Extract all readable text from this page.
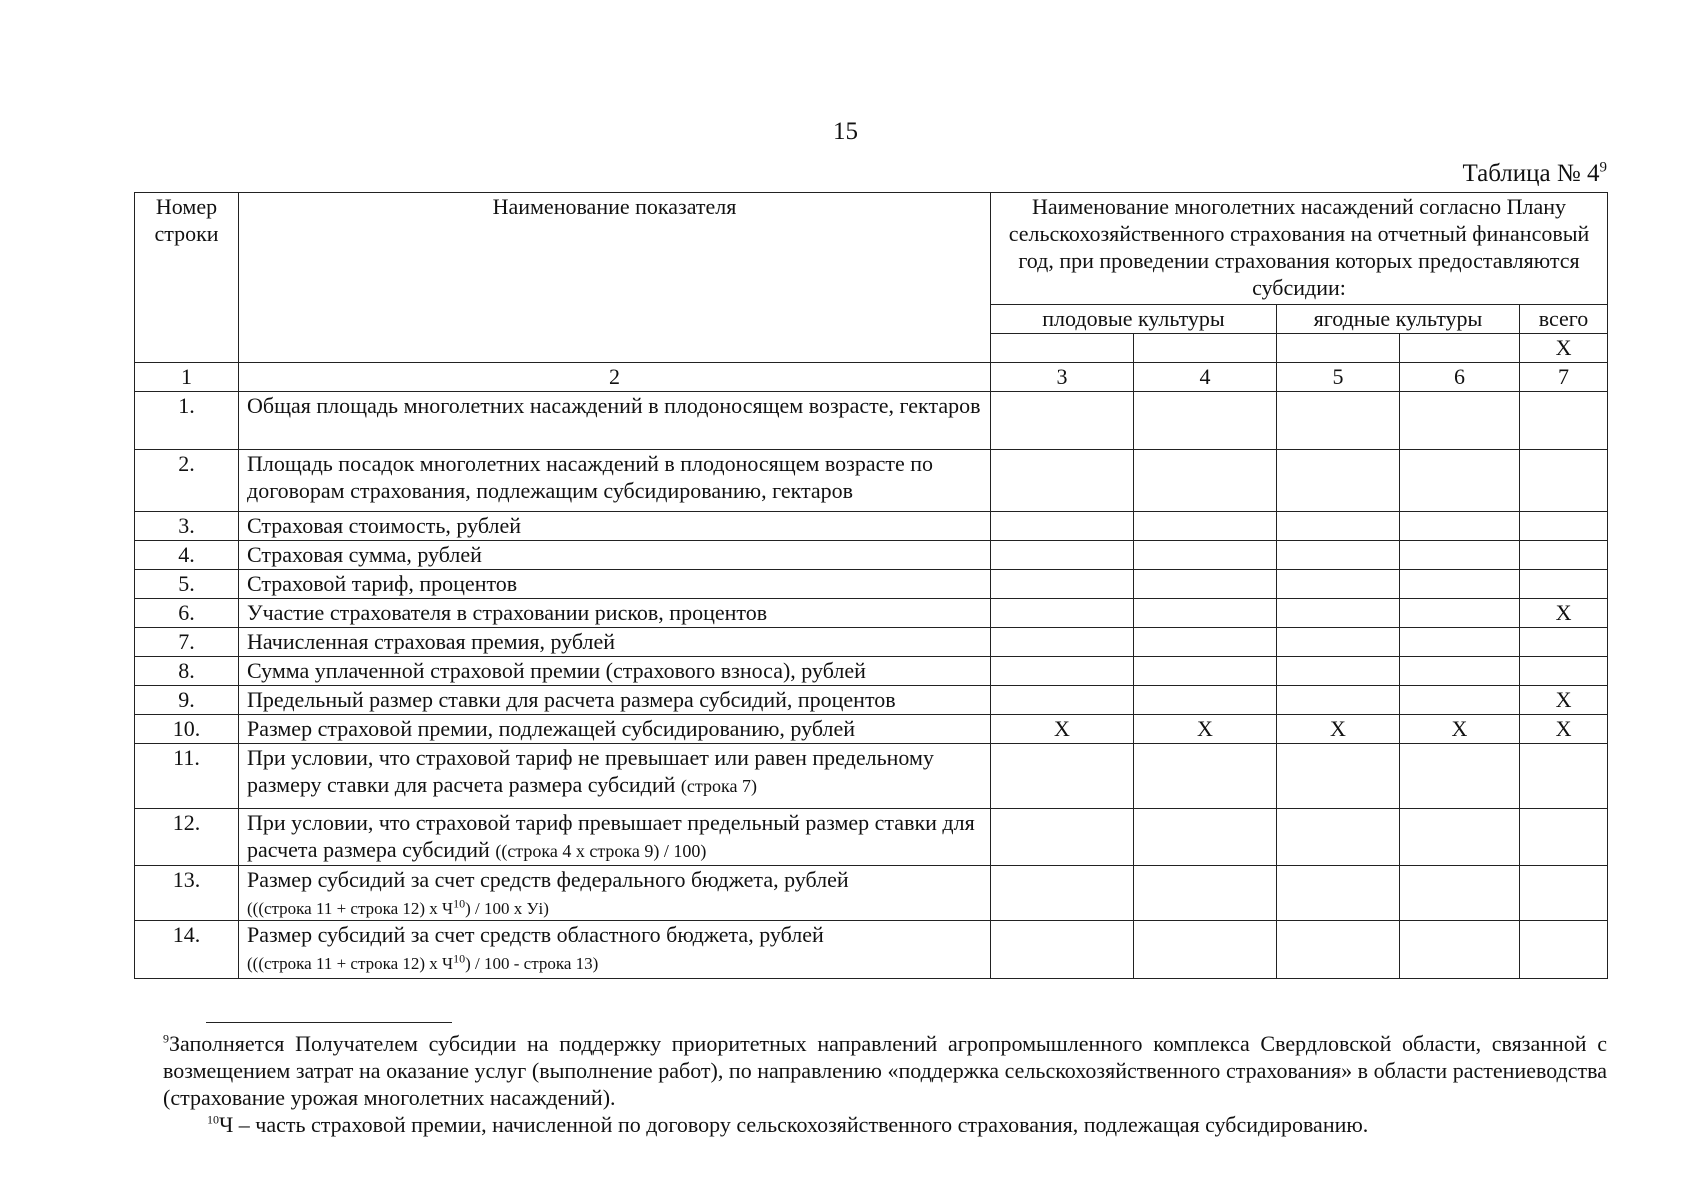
15
Таблица № $4^9$
Номер строки	Наименование показателя	Наименование многолетних насаждений согласно Плану сельскохозяйственного страхования на отчетный финансовый год, при проведении страхования которых предоставляются субсидии:				
		плодовые культуры		ягодные культуры		всего
						Х
1	2	3	4	5	6	7
1.	Общая площадь многолетних насаждений в плодоносящем возрасте, гектаров					
2.	Площадь посадок многолетних насаждений в плодоносящем возрасте по договорам страхования, подлежащим субсидированию, гектаров					
3.	Страховая стоимость, рублей					
4.	Страховая сумма, рублей					
5.	Страховой тариф, процентов					
6.	Участие страхователя в страховании рисков, процентов					Х
7.	Начисленная страховая премия, рублей					
8.	Сумма уплаченной страховой премии (страхового взноса), рублей					
9.	Предельный размер ставки для расчета размера субсидий, процентов					Х
10.	Размер страховой премии, подлежащей субсидированию, рублей	Х	Х	Х	Х	Х
11.	При условии, что страховой тариф не превышает или равен предельному размеру ставки для расчета размера субсидий (строка 7)					
12.	При условии, что страховой тариф превышает предельный размер ставки для расчета размера субсидий ((строка 4 х строка 9) / 100)					
13.	Размер субсидий за счет средств федерального бюджета, рублей
(((строка 11 + строка 12) х $Ч^{10}) / 100$ х Уi)					
14.	Размер субсидий за счет средств областного бюджета, рублей
(((строка 11 + строка 12) х $Ч^{10}) / 100$ - строка 13)					

$^9$Заполняется Получателем субсидии на поддержку приоритетных направлений агропромышленного комплекса Свердловской области, связанной с возмещением затрат на оказание услуг (выполнение работ), по направлению «поддержка сельскохозяйственного страхования» в области растениеводства (страхование урожая многолетних насаждений).

$^{10}$Ч – часть страховой премии, начисленной по договору сельскохозяйственного страхования, подлежащая субсидированию.
